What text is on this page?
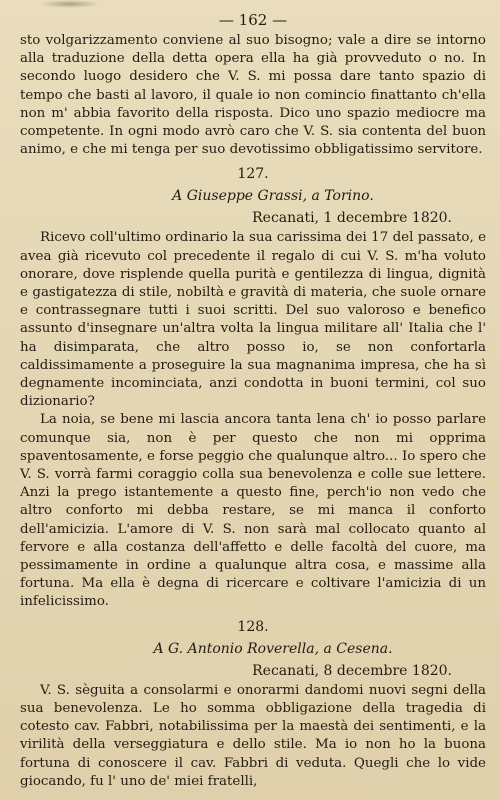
— 162 —

sto volgarizzamento conviene al suo bisogno; vale a dire se intorno alla traduzione della detta opera ella ha già provveduto o no. In secondo luogo desidero che V. S. mi possa dare tanto spazio di tempo che basti al lavoro, il quale io non comincio finattanto ch'ella non m' abbia favorito della risposta. Dico uno spazio mediocre ma competente. In ogni modo avrò caro che V. S. sia contenta del buon animo, e che mi tenga per suo devotissimo obbligatissimo servitore.

127.
A Giuseppe Grassi, a Torino.
Recanati, 1 decembre 1820.

Ricevo coll'ultimo ordinario la sua carissima dei 17 del passato, e avea già ricevuto col precedente il regalo di cui V. S. m'ha voluto onorare, dove risplende quella purità e gentilezza di lingua, dignità e gastigatezza di stile, nobiltà e gravità di materia, che suole ornare e contrassegnare tutti i suoi scritti. Del suo valoroso e benefico assunto d'insegnare un'altra volta la lingua militare all' Italia che l' ha disimparata, che altro posso io, se non confortarla caldissimamente a proseguire la sua magnanima impresa, che ha sì degnamente incominciata, anzi condotta in buoni termini, col suo dizionario?

La noia, se bene mi lascia ancora tanta lena ch' io posso parlare comunque sia, non è per questo che non mi opprima spaventosamente, e forse peggio che qualunque altro... Io spero che V. S. vorrà farmi coraggio colla sua benevolenza e colle sue lettere. Anzi la prego istantemente a questo fine, perch'io non vedo che altro conforto mi debba restare, se mi manca il conforto dell'amicizia. L'amore di V. S. non sarà mal collocato quanto al fervore e alla costanza dell'affetto e delle facoltà del cuore, ma pessimamente in ordine a qualunque altra cosa, e massime alla fortuna. Ma ella è degna di ricercare e coltivare l'amicizia di un infelicissimo.

128.
A G. Antonio Roverella, a Cesena.
Recanati, 8 decembre 1820.

V. S. sèguita a consolarmi e onorarmi dandomi nuovi segni della sua benevolenza. Le ho somma obbligazione della tragedia di cotesto cav. Fabbri, notabilissima per la maestà dei sentimenti, e la virilità della verseggiatura e dello stile. Ma io non ho la buona fortuna di conoscere il cav. Fabbri di veduta. Quegli che lo vide giocando, fu l' uno de' miei fratelli,
